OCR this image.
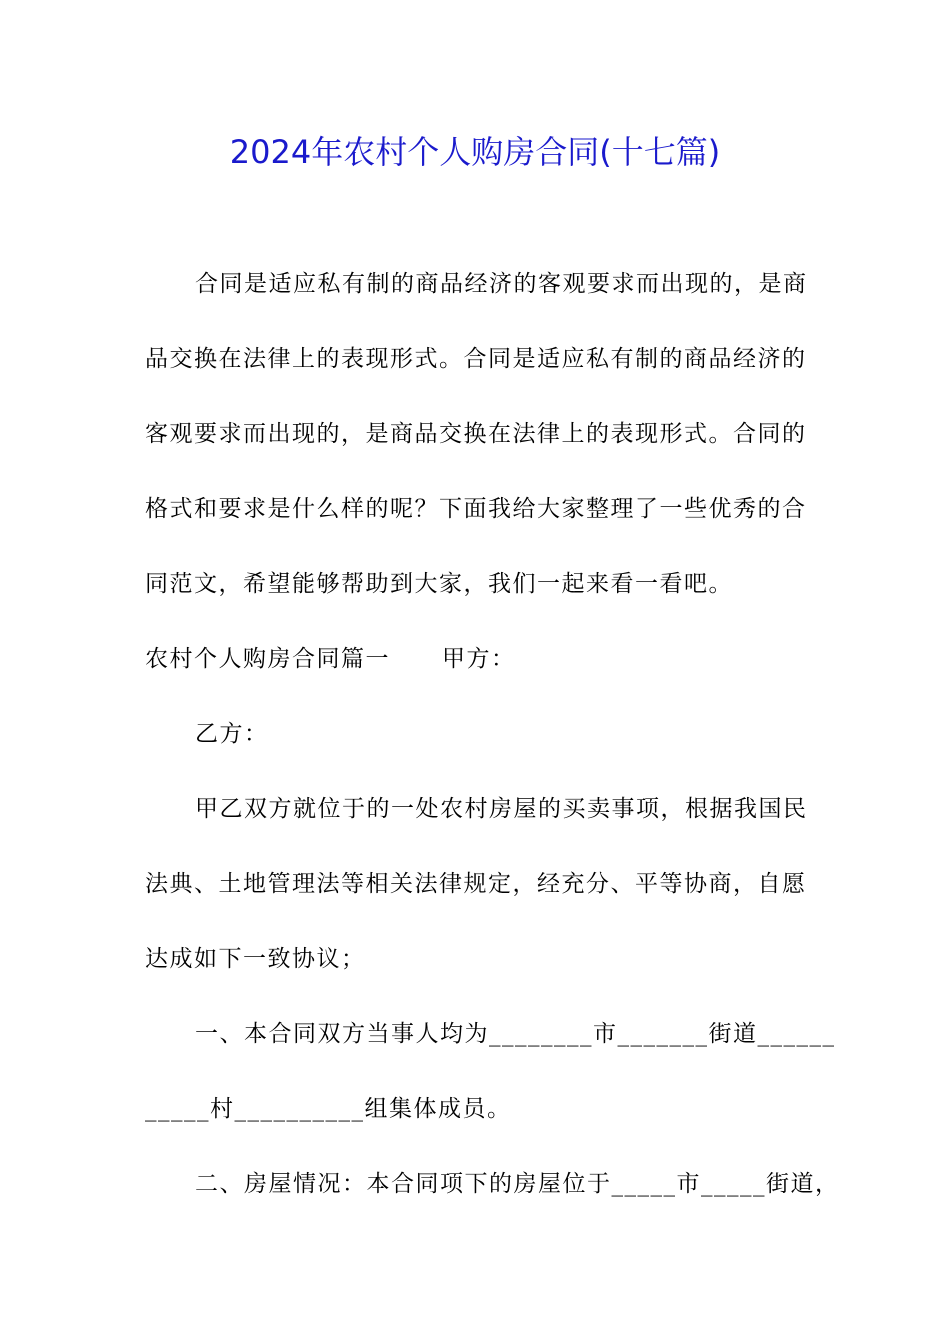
2024年农村个人购房合同(十七篇)
合同是适应私有制的商品经济的客观要求而出现的，是商
品交换在法律上的表现形式。合同是适应私有制的商品经济的
客观要求而出现的，是商品交换在法律上的表现形式。合同的
格式和要求是什么样的呢？下面我给大家整理了一些优秀的合
同范文，希望能够帮助到大家，我们一起来看一看吧。
农村个人购房合同篇一 甲方：
乙方：
甲乙双方就位于的一处农村房屋的买卖事项，根据我国民
法典、土地管理法等相关法律规定，经充分、平等协商，自愿
达成如下一致协议；
一、本合同双方当事人均为________市_______街道______
_____村__________组集体成员。
二、房屋情况：本合同项下的房屋位于_____市_____街道，
